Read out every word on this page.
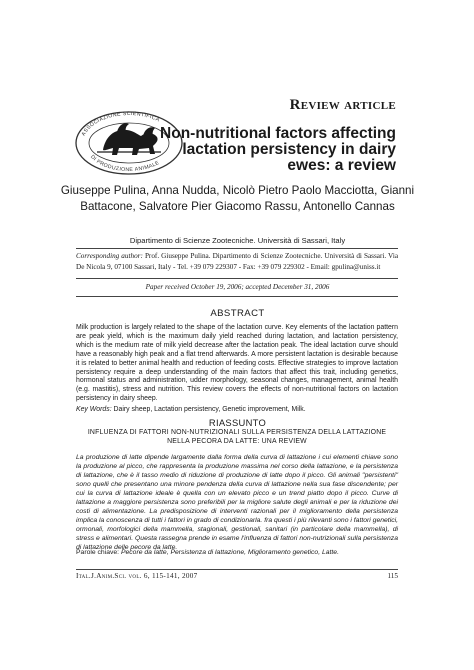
ASSOCIAZIONE SCIENTIFICA
DI PRODUZIONE ANIMALE
Review article
Non-nutritional factors affecting lactation persistency in dairy ewes: a review
Giuseppe Pulina, Anna Nudda, Nicolò Pietro Paolo Macciotta, Gianni Battacone, Salvatore Pier Giacomo Rassu, Antonello Cannas
Dipartimento di Scienze Zootecniche. Università di Sassari, Italy
Corresponding author: Prof. Giuseppe Pulina. Dipartimento di Scienze Zootecniche. Università di Sassari. Via De Nicola 9, 07100 Sassari, Italy - Tel. +39 079 229307 - Fax: +39 079 229302 - Email: gpulina@uniss.it
Paper received October 19, 2006; accepted December 31, 2006
ABSTRACT
Milk production is largely related to the shape of the lactation curve. Key elements of the lactation pattern are peak yield, which is the maximum daily yield reached during lactation, and lactation persistency, which is the medium rate of milk yield decrease after the lactation peak. The ideal lactation curve should have a reasonably high peak and a flat trend afterwards. A more persistent lactation is desirable because it is related to better animal health and reduction of feeding costs. Effective strategies to improve lactation persistency require a deep understanding of the main factors that affect this trait, including genetics, hormonal status and administration, udder morphology, seasonal changes, management, animal health (e.g. mastitis), stress and nutrition. This review covers the effects of non-nutritional factors on lactation persistency in dairy sheep.
Key Words: Dairy sheep, Lactation persistency, Genetic improvement, Milk.
RIASSUNTO
INFLUENZA DI FATTORI NON-NUTRIZIONALI SULLA PERSISTENZA DELLA LATTAZIONE NELLA PECORA DA LATTE: UNA REVIEW
La produzione di latte dipende largamente dalla forma della curva di lattazione i cui elementi chiave sono la produzione al picco, che rappresenta la produzione massima nel corso della lattazione, e la persistenza di lattazione, che è il tasso medio di riduzione di produzione di latte dopo il picco. Gli animali "persistenti" sono quelli che presentano una minore pendenza della curva di lattazione nella sua fase discendente; per cui la curva di lattazione ideale è quella con un elevato picco e un trend piatto dopo il picco. Curve di lattazione a maggiore persistenza sono preferibili per la migliore salute degli animali e per la riduzione dei costi di alimentazione. La predisposizione di interventi razionali per il miglioramento della persistenza implica la conoscenza di tutti i fattori in grado di condizionarla. fra questi i più rilevanti sono i fattori genetici, ormonali, morfologici della mammella, stagionali, gestionali, sanitari (in particolare della mammella), di stress e alimentari. Questa rassegna prende in esame l'influenza di fattori non-nutrizionali sulla persistenza di lattazione delle pecore da latte.
Parole chiave: Pecore da latte, Persistenza di lattazione, Miglioramento genetico, Latte.
Ital.J.Anim.Sci. vol. 6, 115-141, 2007	115
